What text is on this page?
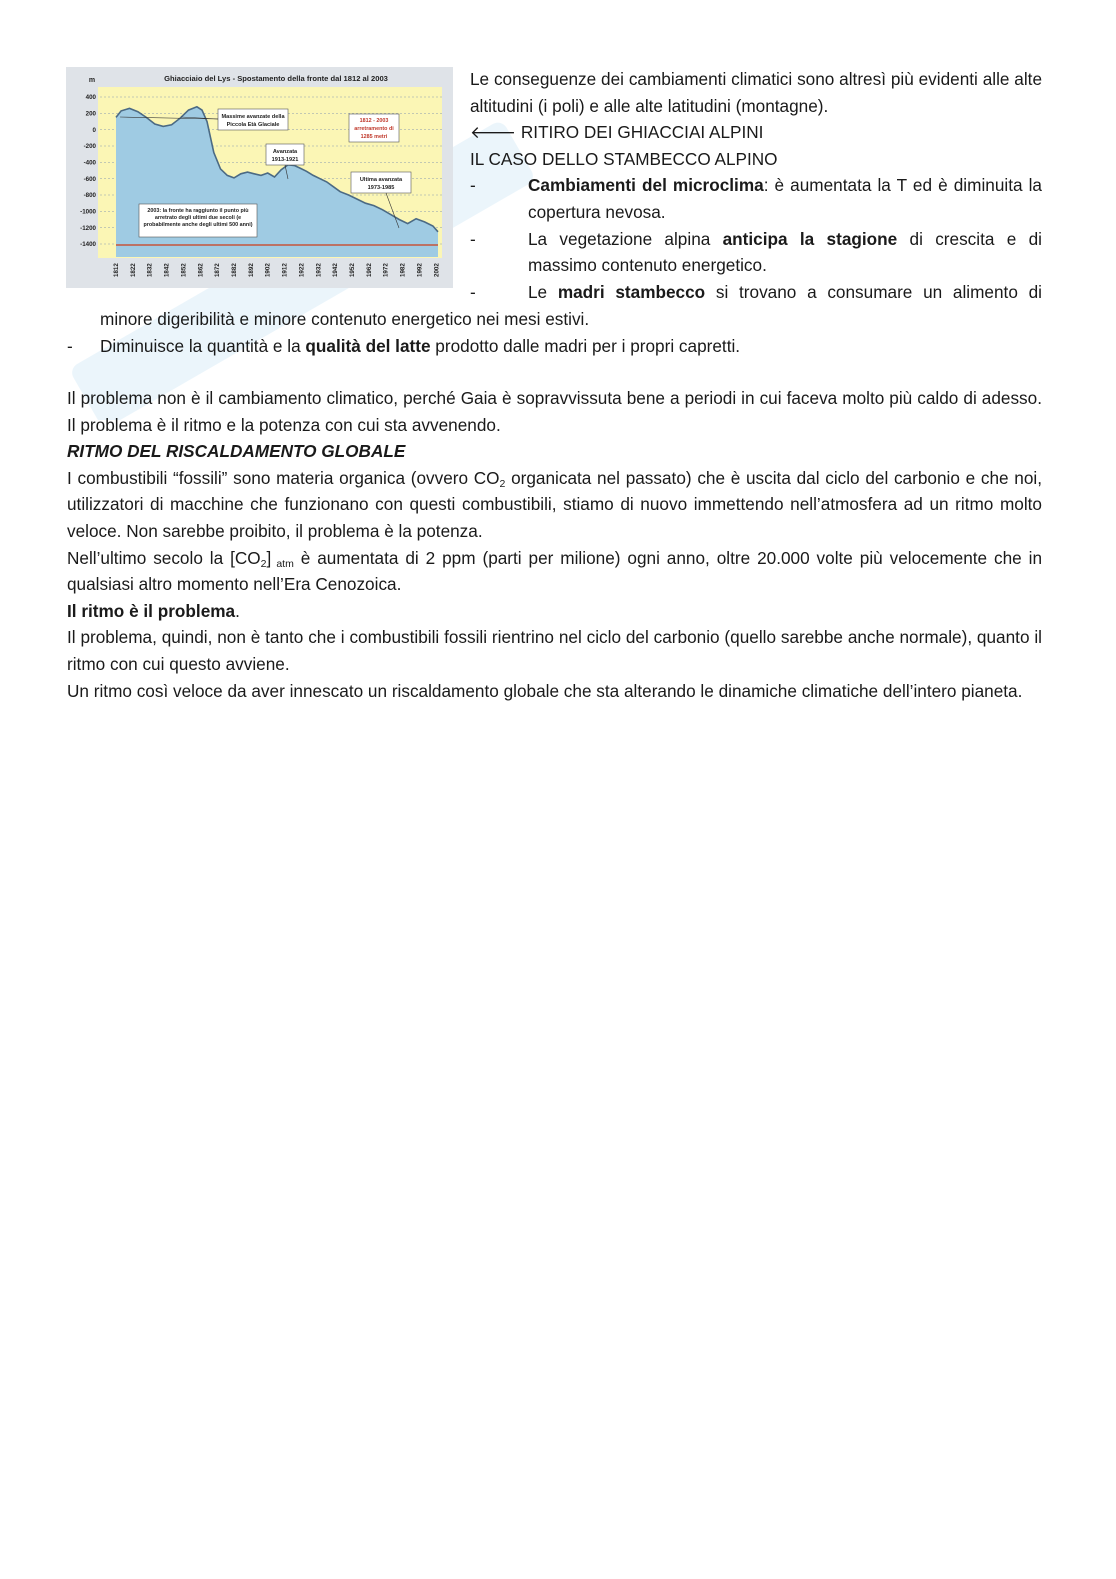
Ghiacciaio del Lys - Spostamento della fronte dal 1812 al 2003
m
400
200
0
-200
-400
-600
-800
-1000
-1200
-1400
1812 1822 1832 1842 1852 1862 1872 1882 1892 1902 1912 1922 1932 1942 1952 1962 1972 1982 1992 2002
Massime avanzate della
Piccola Età Glaciale
Avanzata
1913-1921
Ultima avanzata
1973-1985
2003: la fronte ha raggiunto il punto più
arretrato degli ultimi due secoli (e
probabilmente anche degli ultimi 500 anni)
1812 - 2003
arretramento di
1285 metri
Le conseguenze dei cambiamenti climatici sono altresì più evidenti alle alte altitudini (i poli) e alle alte latitudini (montagne).
🡐 RITIRO DEI GHIACCIAI ALPINI
IL CASO DELLO STAMBECCO ALPINO
-	Cambiamenti del microclima: è aumentata la T ed è diminuita la copertura nevosa.
-	La vegetazione alpina anticipa la stagione di crescita e di massimo contenuto energetico.
-	Le madri stambecco si trovano a consumare un alimento di
minore digeribilità e minore contenuto energetico nei mesi estivi.
-	Diminuisce la quantità e la qualità del latte prodotto dalle madri per i propri capretti.

Il problema non è il cambiamento climatico, perché Gaia è sopravvissuta bene a periodi in cui faceva molto più caldo di adesso. Il problema è il ritmo e la potenza con cui sta avvenendo.

RITMO DEL RISCALDAMENTO GLOBALE

I combustibili “fossili” sono materia organica (ovvero $CO_2$ organicata nel passato) che è uscita dal ciclo del carbonio e che noi, utilizzatori di macchine che funzionano con questi combustibili, stiamo di nuovo immettendo nell’atmosfera ad un ritmo molto veloce. Non sarebbe proibito, il problema è la potenza.

Nell’ultimo secolo la $[CO_2]$ $_{atm}$ è aumentata di 2 ppm (parti per milione) ogni anno, oltre 20.000 volte più velocemente che in qualsiasi altro momento nell’Era Cenozoica.

Il ritmo è il problema.

Il problema, quindi, non è tanto che i combustibili fossili rientrino nel ciclo del carbonio (quello sarebbe anche normale), quanto il ritmo con cui questo avviene.

Un ritmo così veloce da aver innescato un riscaldamento globale che sta alterando le dinamiche climatiche dell’intero pianeta.
